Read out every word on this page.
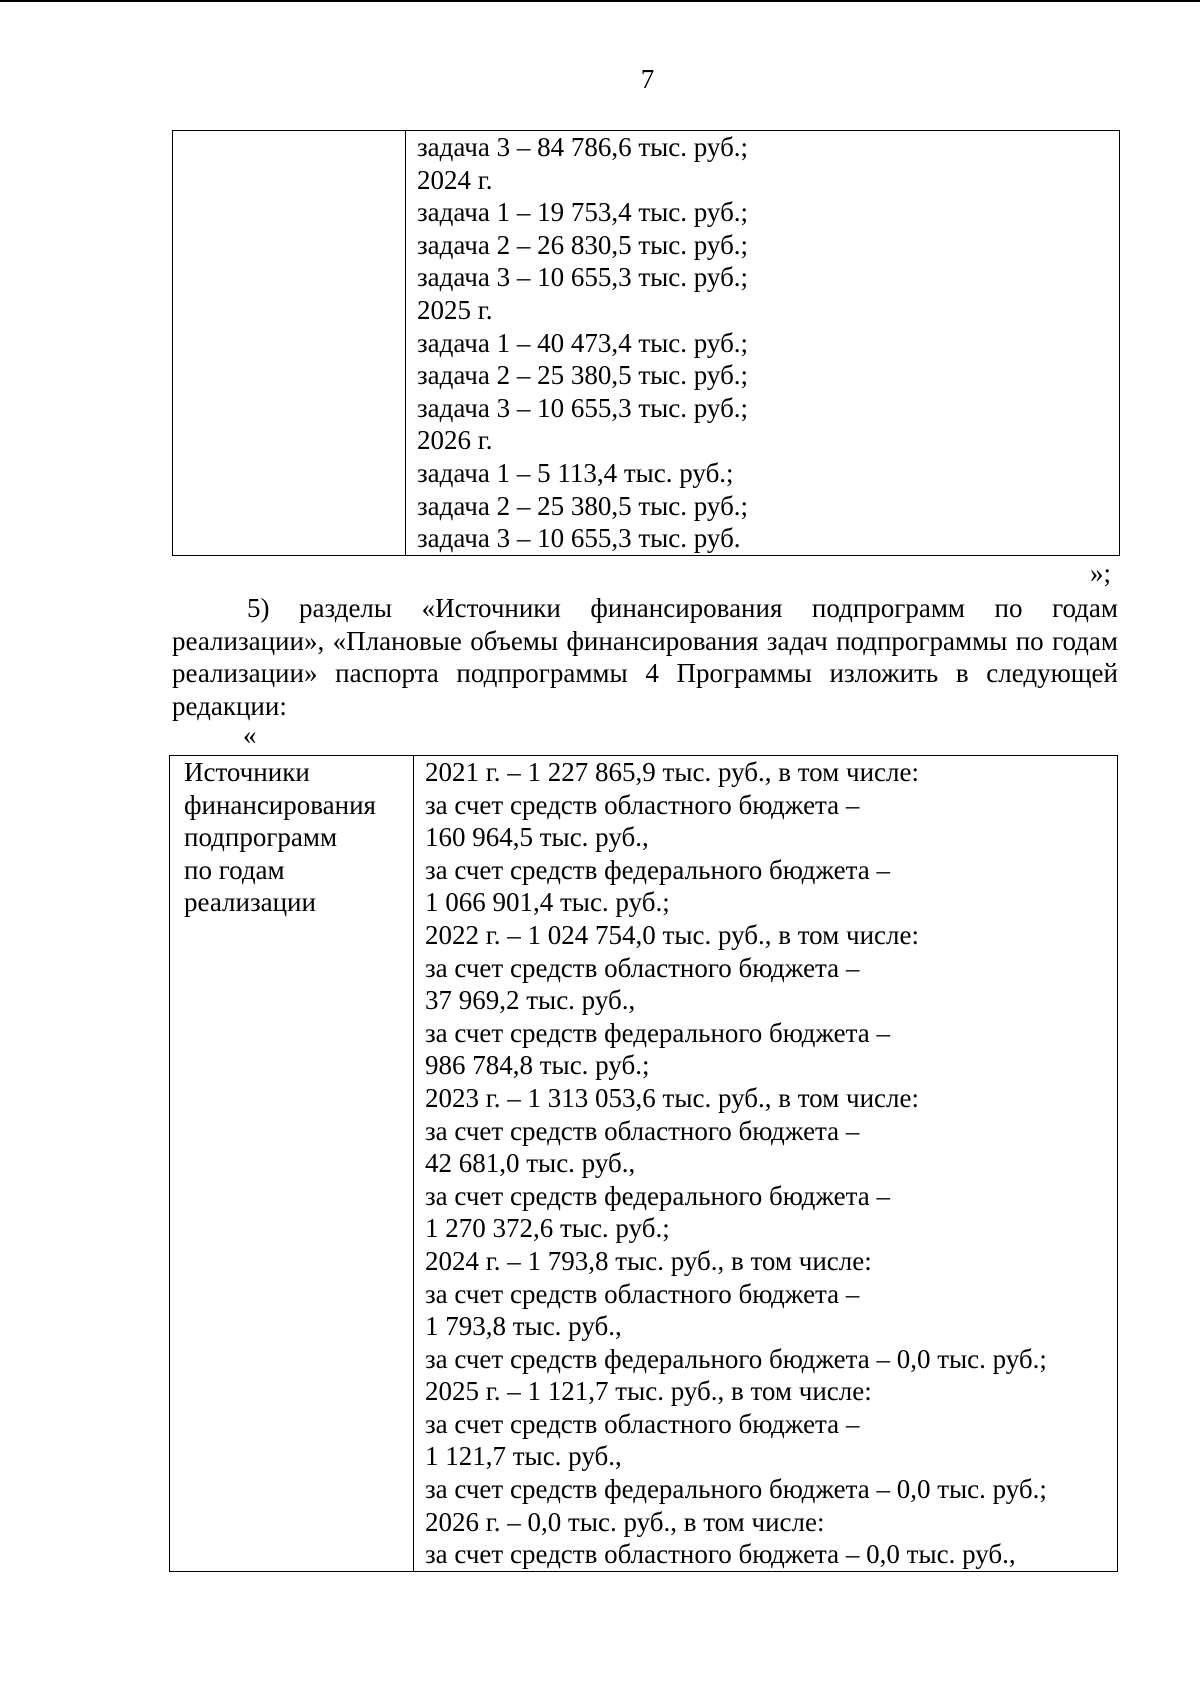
7

задача 3 – 84 786,6 тыс. руб.;
2024 г.
задача 1 – 19 753,4 тыс. руб.;
задача 2 – 26 830,5 тыс. руб.;
задача 3 – 10 655,3 тыс. руб.;
2025 г.
задача 1 – 40 473,4 тыс. руб.;
задача 2 – 25 380,5 тыс. руб.;
задача 3 – 10 655,3 тыс. руб.;
2026 г.
задача 1 – 5 113,4 тыс. руб.;
задача 2 – 25 380,5 тыс. руб.;
задача 3 – 10 655,3 тыс. руб.
»;
5) разделы «Источники финансирования подпрограмм по годам реализации», «Плановые объемы финансирования задач подпрограммы по годам реализации» паспорта подпрограммы 4 Программы изложить в следующей редакции:
«
Источники
финансирования
подпрограмм
по годам
реализации

2021 г. – 1 227 865,9 тыс. руб., в том числе:
за счет средств областного бюджета –
160 964,5 тыс. руб.,
за счет средств федерального бюджета –
1 066 901,4 тыс. руб.;
2022 г. – 1 024 754,0 тыс. руб., в том числе:
за счет средств областного бюджета –
37 969,2 тыс. руб.,
за счет средств федерального бюджета –
986 784,8 тыс. руб.;
2023 г. – 1 313 053,6 тыс. руб., в том числе:
за счет средств областного бюджета –
42 681,0 тыс. руб.,
за счет средств федерального бюджета –
1 270 372,6 тыс. руб.;
2024 г. – 1 793,8 тыс. руб., в том числе:
за счет средств областного бюджета –
1 793,8 тыс. руб.,
за счет средств федерального бюджета – 0,0 тыс. руб.;
2025 г. – 1 121,7 тыс. руб., в том числе:
за счет средств областного бюджета –
1 121,7 тыс. руб.,
за счет средств федерального бюджета – 0,0 тыс. руб.;
2026 г. – 0,0 тыс. руб., в том числе:
за счет средств областного бюджета – 0,0 тыс. руб.,
